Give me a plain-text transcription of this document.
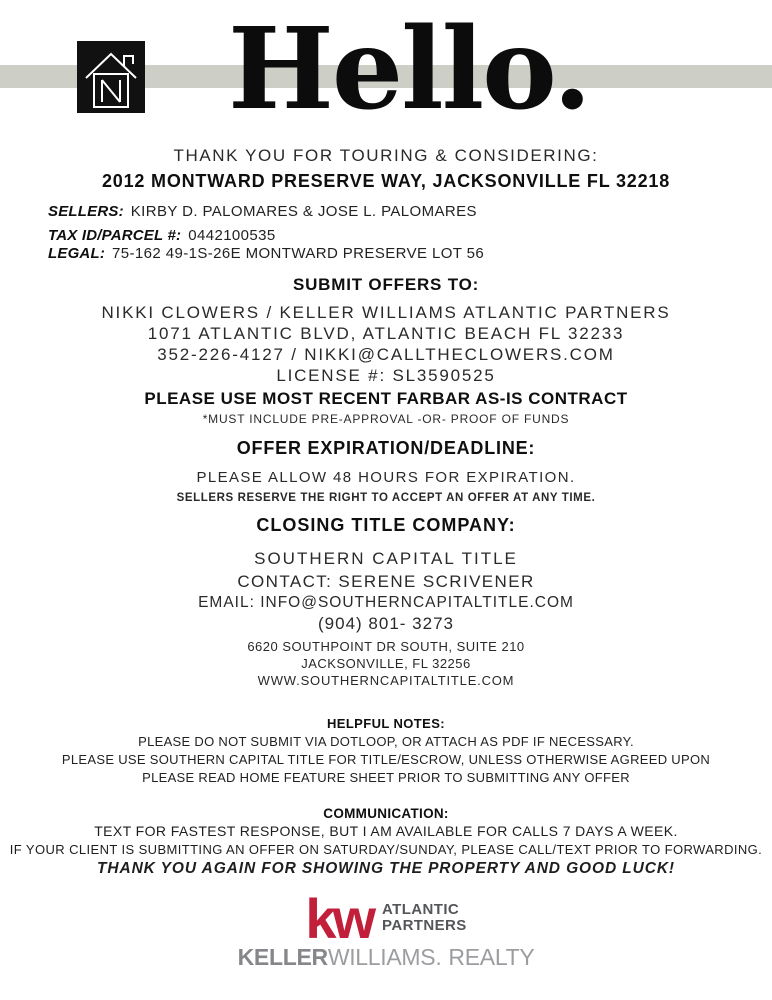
Hello.
THANK YOU FOR TOURING & CONSIDERING:
2012 MONTWARD PRESERVE WAY, JACKSONVILLE FL 32218
SELLERS: KIRBY D. PALOMARES & JOSE L. PALOMARES
TAX ID/PARCEL #: 0442100535
LEGAL: 75-162 49-1S-26E MONTWARD PRESERVE LOT 56
SUBMIT OFFERS TO:
NIKKI CLOWERS / KELLER WILLIAMS ATLANTIC PARTNERS
1071 ATLANTIC BLVD, ATLANTIC BEACH FL 32233
352-226-4127 / NIKKI@CALLTHECLOWERS.COM
LICENSE #: SL3590525
PLEASE USE MOST RECENT FARBAR AS-IS CONTRACT
*MUST INCLUDE PRE-APPROVAL -OR- PROOF OF FUNDS
OFFER EXPIRATION/DEADLINE:
PLEASE ALLOW 48 HOURS FOR EXPIRATION.
SELLERS RESERVE THE RIGHT TO ACCEPT AN OFFER AT ANY TIME.
CLOSING TITLE COMPANY:
SOUTHERN CAPITAL TITLE
CONTACT: SERENE SCRIVENER
EMAIL: INFO@SOUTHERNCAPITALTITLE.COM
(904) 801- 3273
6620 SOUTHPOINT DR SOUTH, SUITE 210
JACKSONVILLE, FL 32256
WWW.SOUTHERNCAPITALTITLE.COM
HELPFUL NOTES:
PLEASE DO NOT SUBMIT VIA DOTLOOP, OR ATTACH AS PDF IF NECESSARY.
PLEASE USE SOUTHERN CAPITAL TITLE FOR TITLE/ESCROW, UNLESS OTHERWISE AGREED UPON
PLEASE READ HOME FEATURE SHEET PRIOR TO SUBMITTING ANY OFFER
COMMUNICATION:
TEXT FOR FASTEST RESPONSE, BUT I AM AVAILABLE FOR CALLS 7 DAYS A WEEK.
IF YOUR CLIENT IS SUBMITTING AN OFFER ON SATURDAY/SUNDAY, PLEASE CALL/TEXT PRIOR TO FORWARDING.
THANK YOU AGAIN FOR SHOWING THE PROPERTY AND GOOD LUCK!
kw ATLANTIC
PARTNERS
KELLERWILLIAMS. REALTY
